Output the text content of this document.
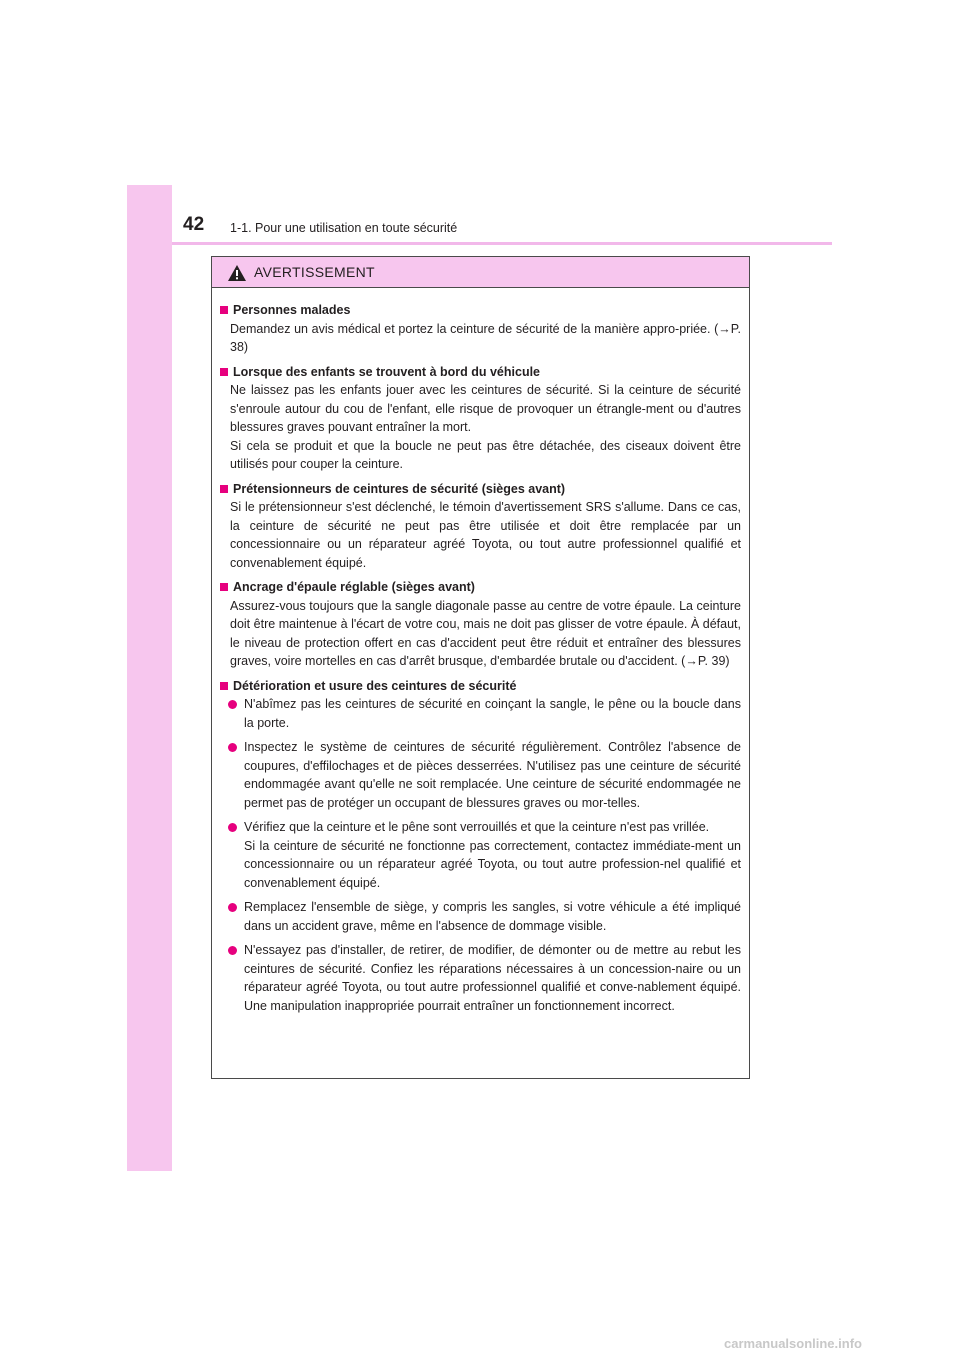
42 1-1. Pour une utilisation en toute sécurité
AVERTISSEMENT
Personnes malades
Demandez un avis médical et portez la ceinture de sécurité de la manière appro-priée. (→P. 38)
Lorsque des enfants se trouvent à bord du véhicule
Ne laissez pas les enfants jouer avec les ceintures de sécurité. Si la ceinture de sécurité s'enroule autour du cou de l'enfant, elle risque de provoquer un étrangle-ment ou d'autres blessures graves pouvant entraîner la mort.
Si cela se produit et que la boucle ne peut pas être détachée, des ciseaux doivent être utilisés pour couper la ceinture.
Prétensionneurs de ceintures de sécurité (sièges avant)
Si le prétensionneur s'est déclenché, le témoin d'avertissement SRS s'allume. Dans ce cas, la ceinture de sécurité ne peut pas être utilisée et doit être remplacée par un concessionnaire ou un réparateur agréé Toyota, ou tout autre professionnel qualifié et convenablement équipé.
Ancrage d'épaule réglable (sièges avant)
Assurez-vous toujours que la sangle diagonale passe au centre de votre épaule. La ceinture doit être maintenue à l'écart de votre cou, mais ne doit pas glisser de votre épaule. À défaut, le niveau de protection offert en cas d'accident peut être réduit et entraîner des blessures graves, voire mortelles en cas d'arrêt brusque, d'embardée brutale ou d'accident. (→P. 39)
Détérioration et usure des ceintures de sécurité
N'abîmez pas les ceintures de sécurité en coinçant la sangle, le pêne ou la boucle dans la porte.
Inspectez le système de ceintures de sécurité régulièrement. Contrôlez l'absence de coupures, d'effilochages et de pièces desserrées. N'utilisez pas une ceinture de sécurité endommagée avant qu'elle ne soit remplacée. Une ceinture de sécurité endommagée ne permet pas de protéger un occupant de blessures graves ou mor-telles.
Vérifiez que la ceinture et le pêne sont verrouillés et que la ceinture n'est pas vrillée.
Si la ceinture de sécurité ne fonctionne pas correctement, contactez immédiate-ment un concessionnaire ou un réparateur agréé Toyota, ou tout autre profession-nel qualifié et convenablement équipé.
Remplacez l'ensemble de siège, y compris les sangles, si votre véhicule a été impliqué dans un accident grave, même en l'absence de dommage visible.
N'essayez pas d'installer, de retirer, de modifier, de démonter ou de mettre au rebut les ceintures de sécurité. Confiez les réparations nécessaires à un concession-naire ou un réparateur agréé Toyota, ou tout autre professionnel qualifié et conve-nablement équipé. Une manipulation inappropriée pourrait entraîner un fonctionnement incorrect.
carmanualsonline.info
